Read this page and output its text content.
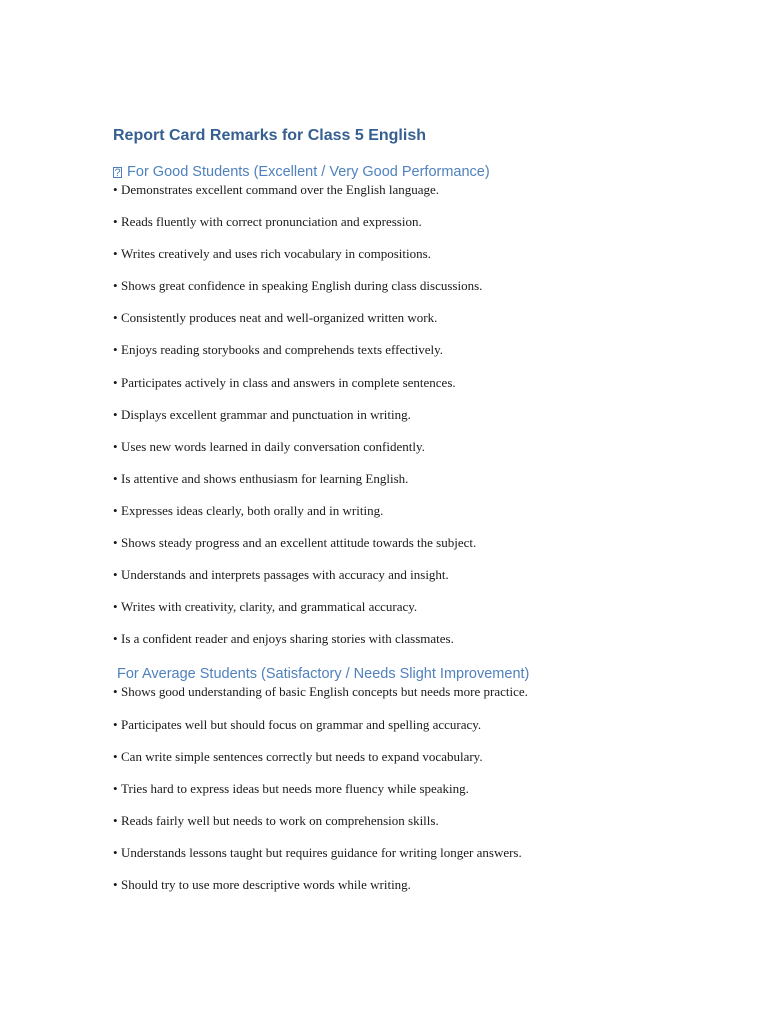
Report Card Remarks for Class 5 English
? For Good Students (Excellent / Very Good Performance)
• Demonstrates excellent command over the English language.
• Reads fluently with correct pronunciation and expression.
• Writes creatively and uses rich vocabulary in compositions.
• Shows great confidence in speaking English during class discussions.
• Consistently produces neat and well-organized written work.
• Enjoys reading storybooks and comprehends texts effectively.
• Participates actively in class and answers in complete sentences.
• Displays excellent grammar and punctuation in writing.
• Uses new words learned in daily conversation confidently.
• Is attentive and shows enthusiasm for learning English.
• Expresses ideas clearly, both orally and in writing.
• Shows steady progress and an excellent attitude towards the subject.
• Understands and interprets passages with accuracy and insight.
• Writes with creativity, clarity, and grammatical accuracy.
• Is a confident reader and enjoys sharing stories with classmates.
For Average Students (Satisfactory / Needs Slight Improvement)
• Shows good understanding of basic English concepts but needs more practice.
• Participates well but should focus on grammar and spelling accuracy.
• Can write simple sentences correctly but needs to expand vocabulary.
• Tries hard to express ideas but needs more fluency while speaking.
• Reads fairly well but needs to work on comprehension skills.
• Understands lessons taught but requires guidance for writing longer answers.
• Should try to use more descriptive words while writing.
